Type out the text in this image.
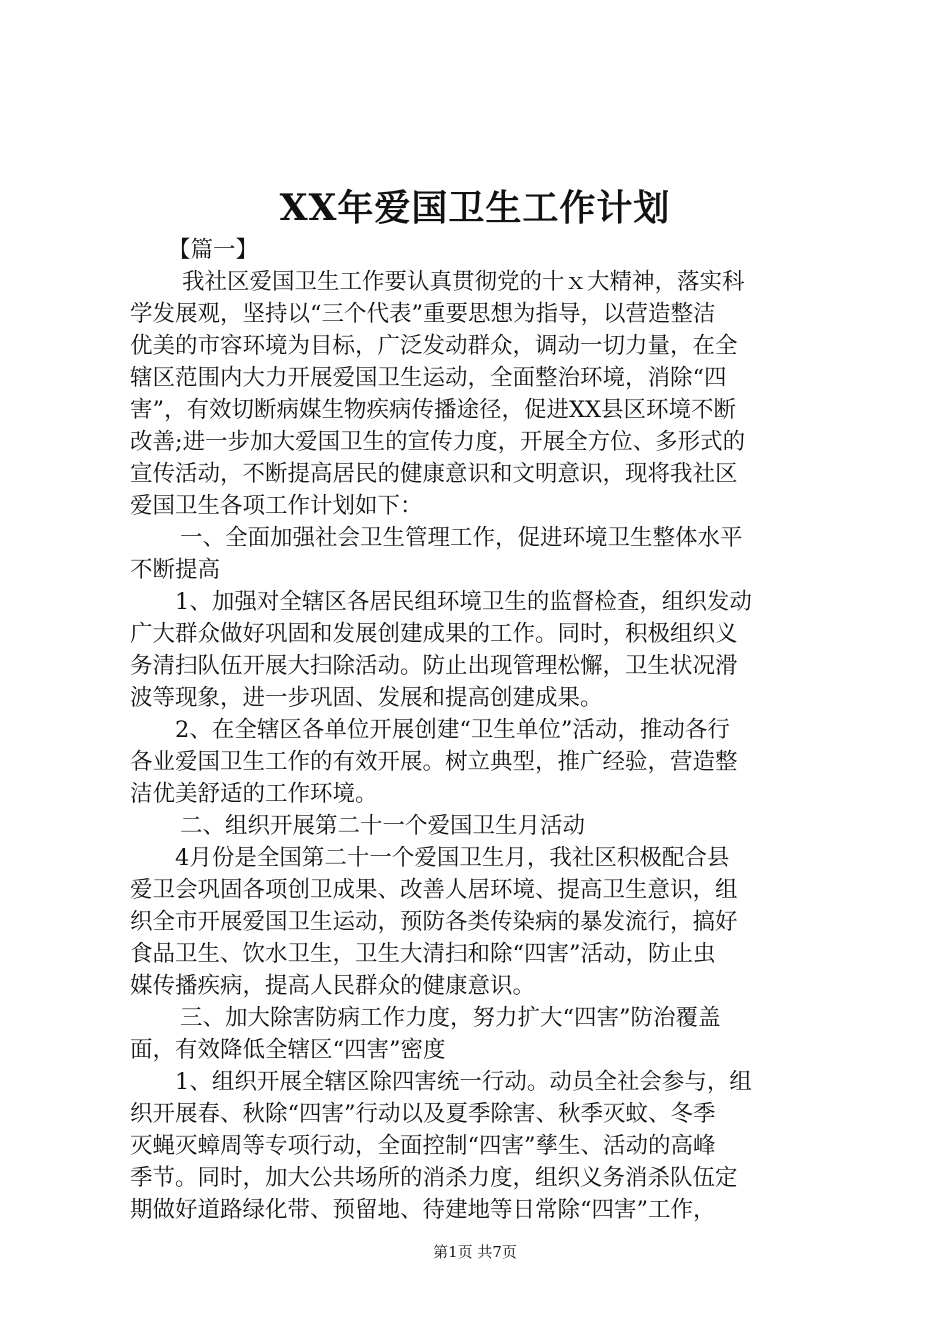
XX年爱国卫生工作计划
【篇一】
我社区爱国卫生工作要认真贯彻党的十ｘ大精神，落实科
学发展观，坚持以“三个代表”重要思想为指导，以营造整洁
优美的市容环境为目标，广泛发动群众，调动一切力量，在全
辖区范围内大力开展爱国卫生运动，全面整治环境，消除“四
害”，有效切断病媒生物疾病传播途径，促进XX县区环境不断
改善;进一步加大爱国卫生的宣传力度，开展全方位、多形式的
宣传活动，不断提高居民的健康意识和文明意识，现将我社区
爱国卫生各项工作计划如下：
一、全面加强社会卫生管理工作，促进环境卫生整体水平
不断提高
1、加强对全辖区各居民组环境卫生的监督检查，组织发动
广大群众做好巩固和发展创建成果的工作。同时，积极组织义
务清扫队伍开展大扫除活动。防止出现管理松懈，卫生状况滑
波等现象，进一步巩固、发展和提高创建成果。
2、在全辖区各单位开展创建“卫生单位”活动，推动各行
各业爱国卫生工作的有效开展。树立典型，推广经验，营造整
洁优美舒适的工作环境。
二、组织开展第二十一个爱国卫生月活动
4月份是全国第二十一个爱国卫生月，我社区积极配合县
爱卫会巩固各项创卫成果、改善人居环境、提高卫生意识，组
织全市开展爱国卫生运动，预防各类传染病的暴发流行，搞好
食品卫生、饮水卫生，卫生大清扫和除“四害”活动，防止虫
媒传播疾病，提高人民群众的健康意识。
三、加大除害防病工作力度，努力扩大“四害”防治覆盖
面，有效降低全辖区“四害”密度
1、组织开展全辖区除四害统一行动。动员全社会参与，组
织开展春、秋除“四害”行动以及夏季除害、秋季灭蚊、冬季
灭蝇灭蟑周等专项行动，全面控制“四害”孳生、活动的高峰
季节。同时，加大公共场所的消杀力度，组织义务消杀队伍定
期做好道路绿化带、预留地、待建地等日常除“四害”工作，
第1页 共7页
